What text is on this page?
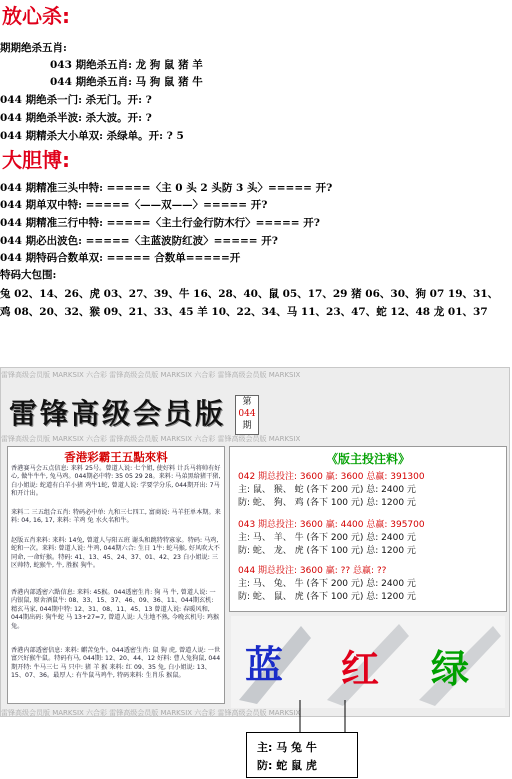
放心杀:
期期绝杀五肖:
043 期绝杀五肖: 龙 狗 鼠 猪 羊
044 期绝杀五肖: 马 狗 鼠 猪 牛
044 期绝杀一门: 杀无门。开: ?
044 期绝杀半波: 杀大波。开: ?
044 期精杀大小单双: 杀绿单。开: ? 5
大胆博:
044 期精准三头中特: =====〈主 0 头 2 头防 3 头〉===== 开?
044 期单双中特: =====〈——双——〉===== 开?
044 期精准三行中特: =====〈主土行金行防木行〉===== 开?
044 期必出波色: =====〈主蓝波防红波〉===== 开?
044 期特码合数单双: ===== 合数单=====开
特码大包围:
兔 02、14、26、虎 03、27、39、牛 16、28、40、鼠 05、17、29 猪 06、30、狗 07 19、31、
鸡 08、20、32、猴 09、21、33、45 羊 10、22、34、马 11、23、47、蛇 12、48 龙 01、37
雷锋高级会员版 MARKSIX 六合彩 雷锋高级会员版 MARKSIX 六合彩 雷锋高级会员版 MARKSIX
雷锋高级会员版 MARKSIX 六合彩 雷锋高级会员版 MARKSIX 六合彩 雷锋高级会员版 MARKSIX
雷锋高级会员版 MARKSIX 六合彩 雷锋高级会员版 MARKSIX 六合彩 雷锋高级会员版 MARKSIX
雷锋高级会员版	第
044
期
香港彩霸王五點來料
香港赛马会五点信息: 来料 25号。曾道人说: 七个姐, 使好料 计兵马将帅有好心, 做牛牛牛, 兔马鸡。044期必中特: 35 05 29 28。来料: 马弟黑给猪干猪, 白小姐说: 蛇道有白羊小猪 鸡牛1蛇, 曾道人说: 学要学分乐, 044期开出: 7马和开计出。
来料二 三五组合五肖: 特码必中单: 九和三七四工, 富商说: 马羊狂单本期。来料: 04, 16, 17, 来料: 羊鸡 兔 水火名和牛。
赵版五肖来料: 来料: 14兔, 曾道人与阳五班 谢头和跳特特寡家。特码: 马鸡, 蛇和一次。来料: 曾道人说: 牛鸡, 044期六合: 生日 1牛: 蛇马猴, 好风吹大不同命, 一命好猴。特码: 41、13、45、24、37、01、42、23 白小姐说: 三区帅特, 蛇猴牛, 牛, 胜猴 狗牛。
香港内部透密六點信息: 来料: 45猴。044透密生肖: 狗 马 牛, 曾道人说: 一内银鼠, 原舍酒鼠牛: 08、33、15、37、46、09、36、11、044期玄机: 精玄马家, 044期中特: 12、31、08、11、45、13 曾道人说: 春暖风和, 044期出码: 狗牛蛇 马 13+27=7, 曾道人说: 人生地不熟, 今晚玄机号: 鸡猴兔。
香港内部透密信息: 来料: 麒苦兔牛。044透密生肖: 鼠 狗 虎, 曾道人说: 一世富兴好猴牛鼠。特码有马, 044期: 12、20、44、12 好料: 曹人兔狗鼠, 044期开特: 牛马三七 马 只中: 猪 羊 猴 来料: 红 09、35 兔, 白小姐说: 13、15、07、36。最厚人: 有牛鼠马鸡牛, 特码来料: 生肖乐 猴鼠。
《版主投注料》
042 期总投注: 3600 赢: 3600 总赢: 391300
主: 鼠、 猴、 蛇 (各下 200 元) 总: 2400 元
防: 蛇、 狗、 鸡 (各下 100 元) 总: 1200 元
043 期总投注: 3600 赢: 4400 总赢: 395700
主: 马、 羊、 牛 (各下 200 元) 总: 2400 元
防: 蛇、 龙、 虎 (各下 100 元) 总: 1200 元
044 期总投注: 3600 赢: ?? 总赢: ??
主: 马、 兔、 牛 (各下 200 元) 总: 2400 元
防: 蛇、 鼠、 虎 (各下 100 元) 总: 1200 元
蓝 红 绿
主: 马 兔 牛
防: 蛇 鼠 虎
